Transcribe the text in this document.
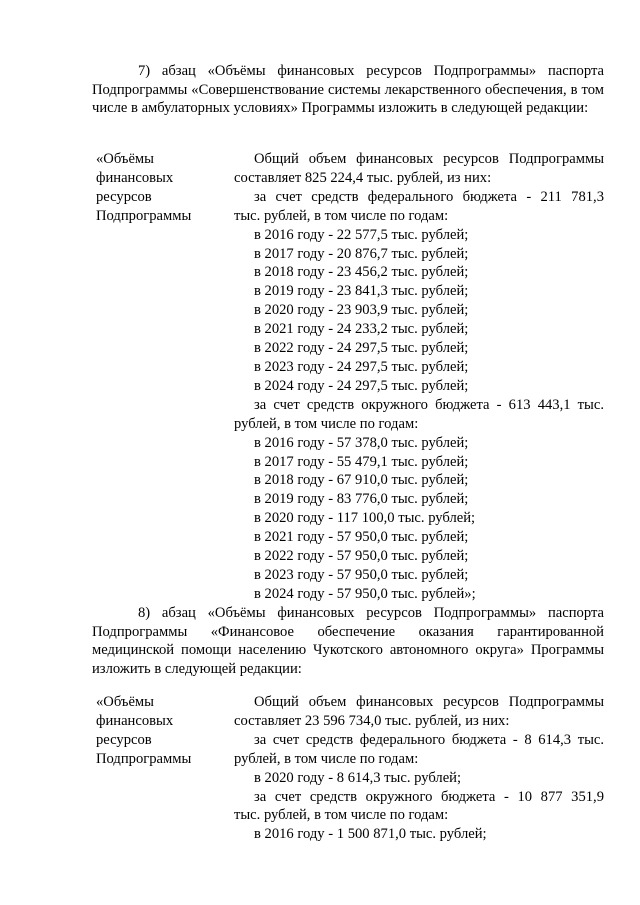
7) абзац «Объёмы финансовых ресурсов Подпрограммы» паспорта Подпрограммы «Совершенствование системы лекарственного обеспечения, в том числе в амбулаторных условиях» Программы изложить в следующей редакции:
«Объёмы
финансовых
ресурсов
Подпрограммы
Общий объем финансовых ресурсов Подпрограммы
составляет 825 224,4 тыс. рублей, из них:
за счет средств федерального бюджета - 211 781,3
тыс. рублей, в том числе по годам:
в 2016 году - 22 577,5 тыс. рублей;
в 2017 году - 20 876,7 тыс. рублей;
в 2018 году - 23 456,2 тыс. рублей;
в 2019 году - 23 841,3 тыс. рублей;
в 2020 году - 23 903,9 тыс. рублей;
в 2021 году - 24 233,2 тыс. рублей;
в 2022 году - 24 297,5 тыс. рублей;
в 2023 году - 24 297,5 тыс. рублей;
в 2024 году - 24 297,5 тыс. рублей;
за счет средств окружного бюджета - 613 443,1 тыс.
рублей, в том числе по годам:
в 2016 году - 57 378,0 тыс. рублей;
в 2017 году - 55 479,1 тыс. рублей;
в 2018 году - 67 910,0 тыс. рублей;
в 2019 году - 83 776,0 тыс. рублей;
в 2020 году - 117 100,0 тыс. рублей;
в 2021 году - 57 950,0 тыс. рублей;
в 2022 году - 57 950,0 тыс. рублей;
в 2023 году - 57 950,0 тыс. рублей;
в 2024 году - 57 950,0 тыс. рублей»;
8) абзац «Объёмы финансовых ресурсов Подпрограммы» паспорта Подпрограммы «Финансовое обеспечение оказания гарантированной медицинской помощи населению Чукотского автономного округа» Программы изложить в следующей редакции:
«Объёмы
финансовых
ресурсов
Подпрограммы
Общий объем финансовых ресурсов Подпрограммы
составляет 23 596 734,0 тыс. рублей, из них:
за счет средств федерального бюджета - 8 614,3 тыс.
рублей, в том числе по годам:
в 2020 году - 8 614,3 тыс. рублей;
за счет средств окружного бюджета - 10 877 351,9
тыс. рублей, в том числе по годам:
в 2016 году - 1 500 871,0 тыс. рублей;
